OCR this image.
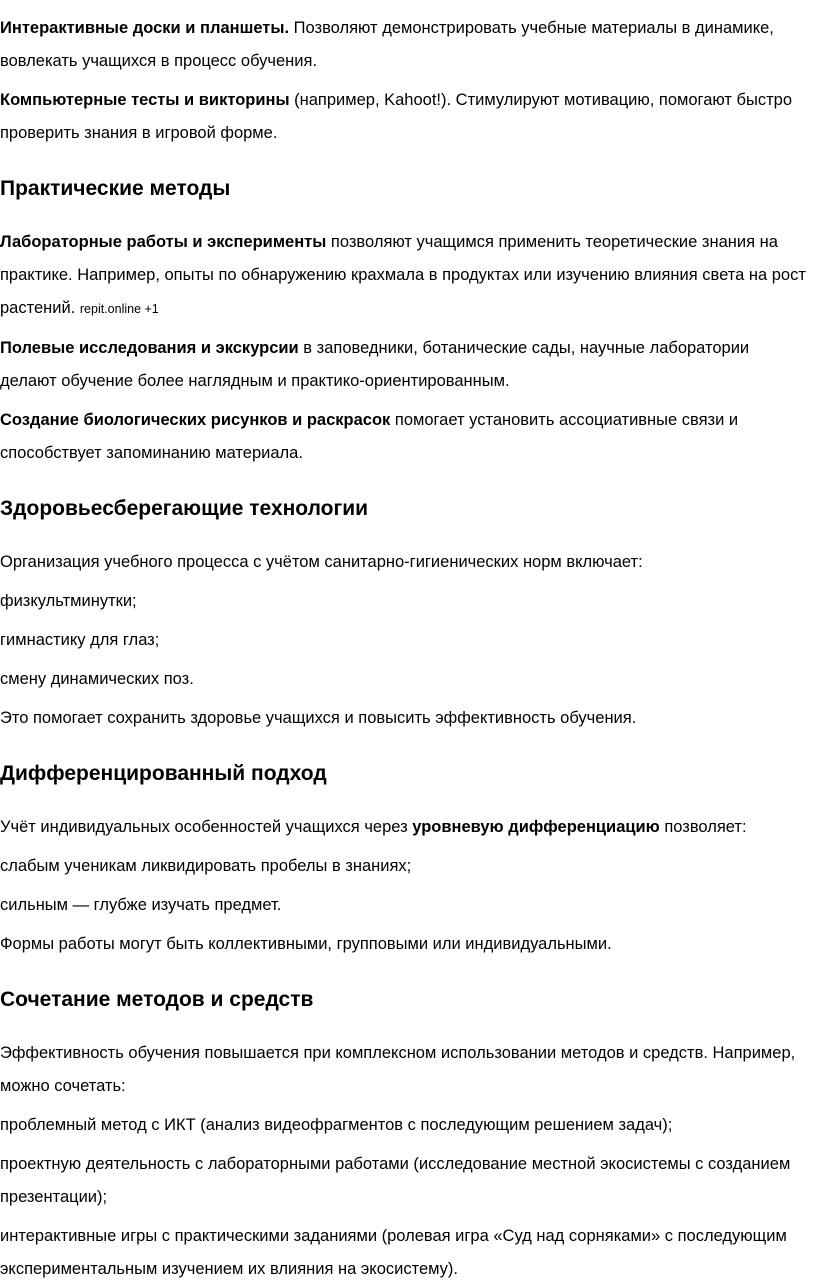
Интерактивные доски и планшеты. Позволяют демонстрировать учебные материалы в динамике, вовлекать учащихся в процесс обучения.

Компьютерные тесты и викторины (например, Kahoot!). Стимулируют мотивацию, помогают быстро проверить знания в игровой форме.

Практические методы

Лабораторные работы и эксперименты позволяют учащимся применить теоретические знания на практике. Например, опыты по обнаружению крахмала в продуктах или изучению влияния света на рост растений. repit.online +1

Полевые исследования и экскурсии в заповедники, ботанические сады, научные лаборатории делают обучение более наглядным и практико-ориентированным.

Создание биологических рисунков и раскрасок помогает установить ассоциативные связи и способствует запоминанию материала.

Здоровьесберегающие технологии

Организация учебного процесса с учётом санитарно-гигиенических норм включает:

физкультминутки;

гимнастику для глаз;

смену динамических поз.

Это помогает сохранить здоровье учащихся и повысить эффективность обучения.

Дифференцированный подход

Учёт индивидуальных особенностей учащихся через уровневую дифференциацию позволяет:

слабым ученикам ликвидировать пробелы в знаниях;

сильным — глубже изучать предмет.

Формы работы могут быть коллективными, групповыми или индивидуальными.

Сочетание методов и средств

Эффективность обучения повышается при комплексном использовании методов и средств. Например, можно сочетать:

проблемный метод с ИКТ (анализ видеофрагментов с последующим решением задач);

проектную деятельность с лабораторными работами (исследование местной экосистемы с созданием презентации);

интерактивные игры с практическими заданиями (ролевая игра «Суд над сорняками» с последующим экспериментальным изучением их влияния на экосистему).
